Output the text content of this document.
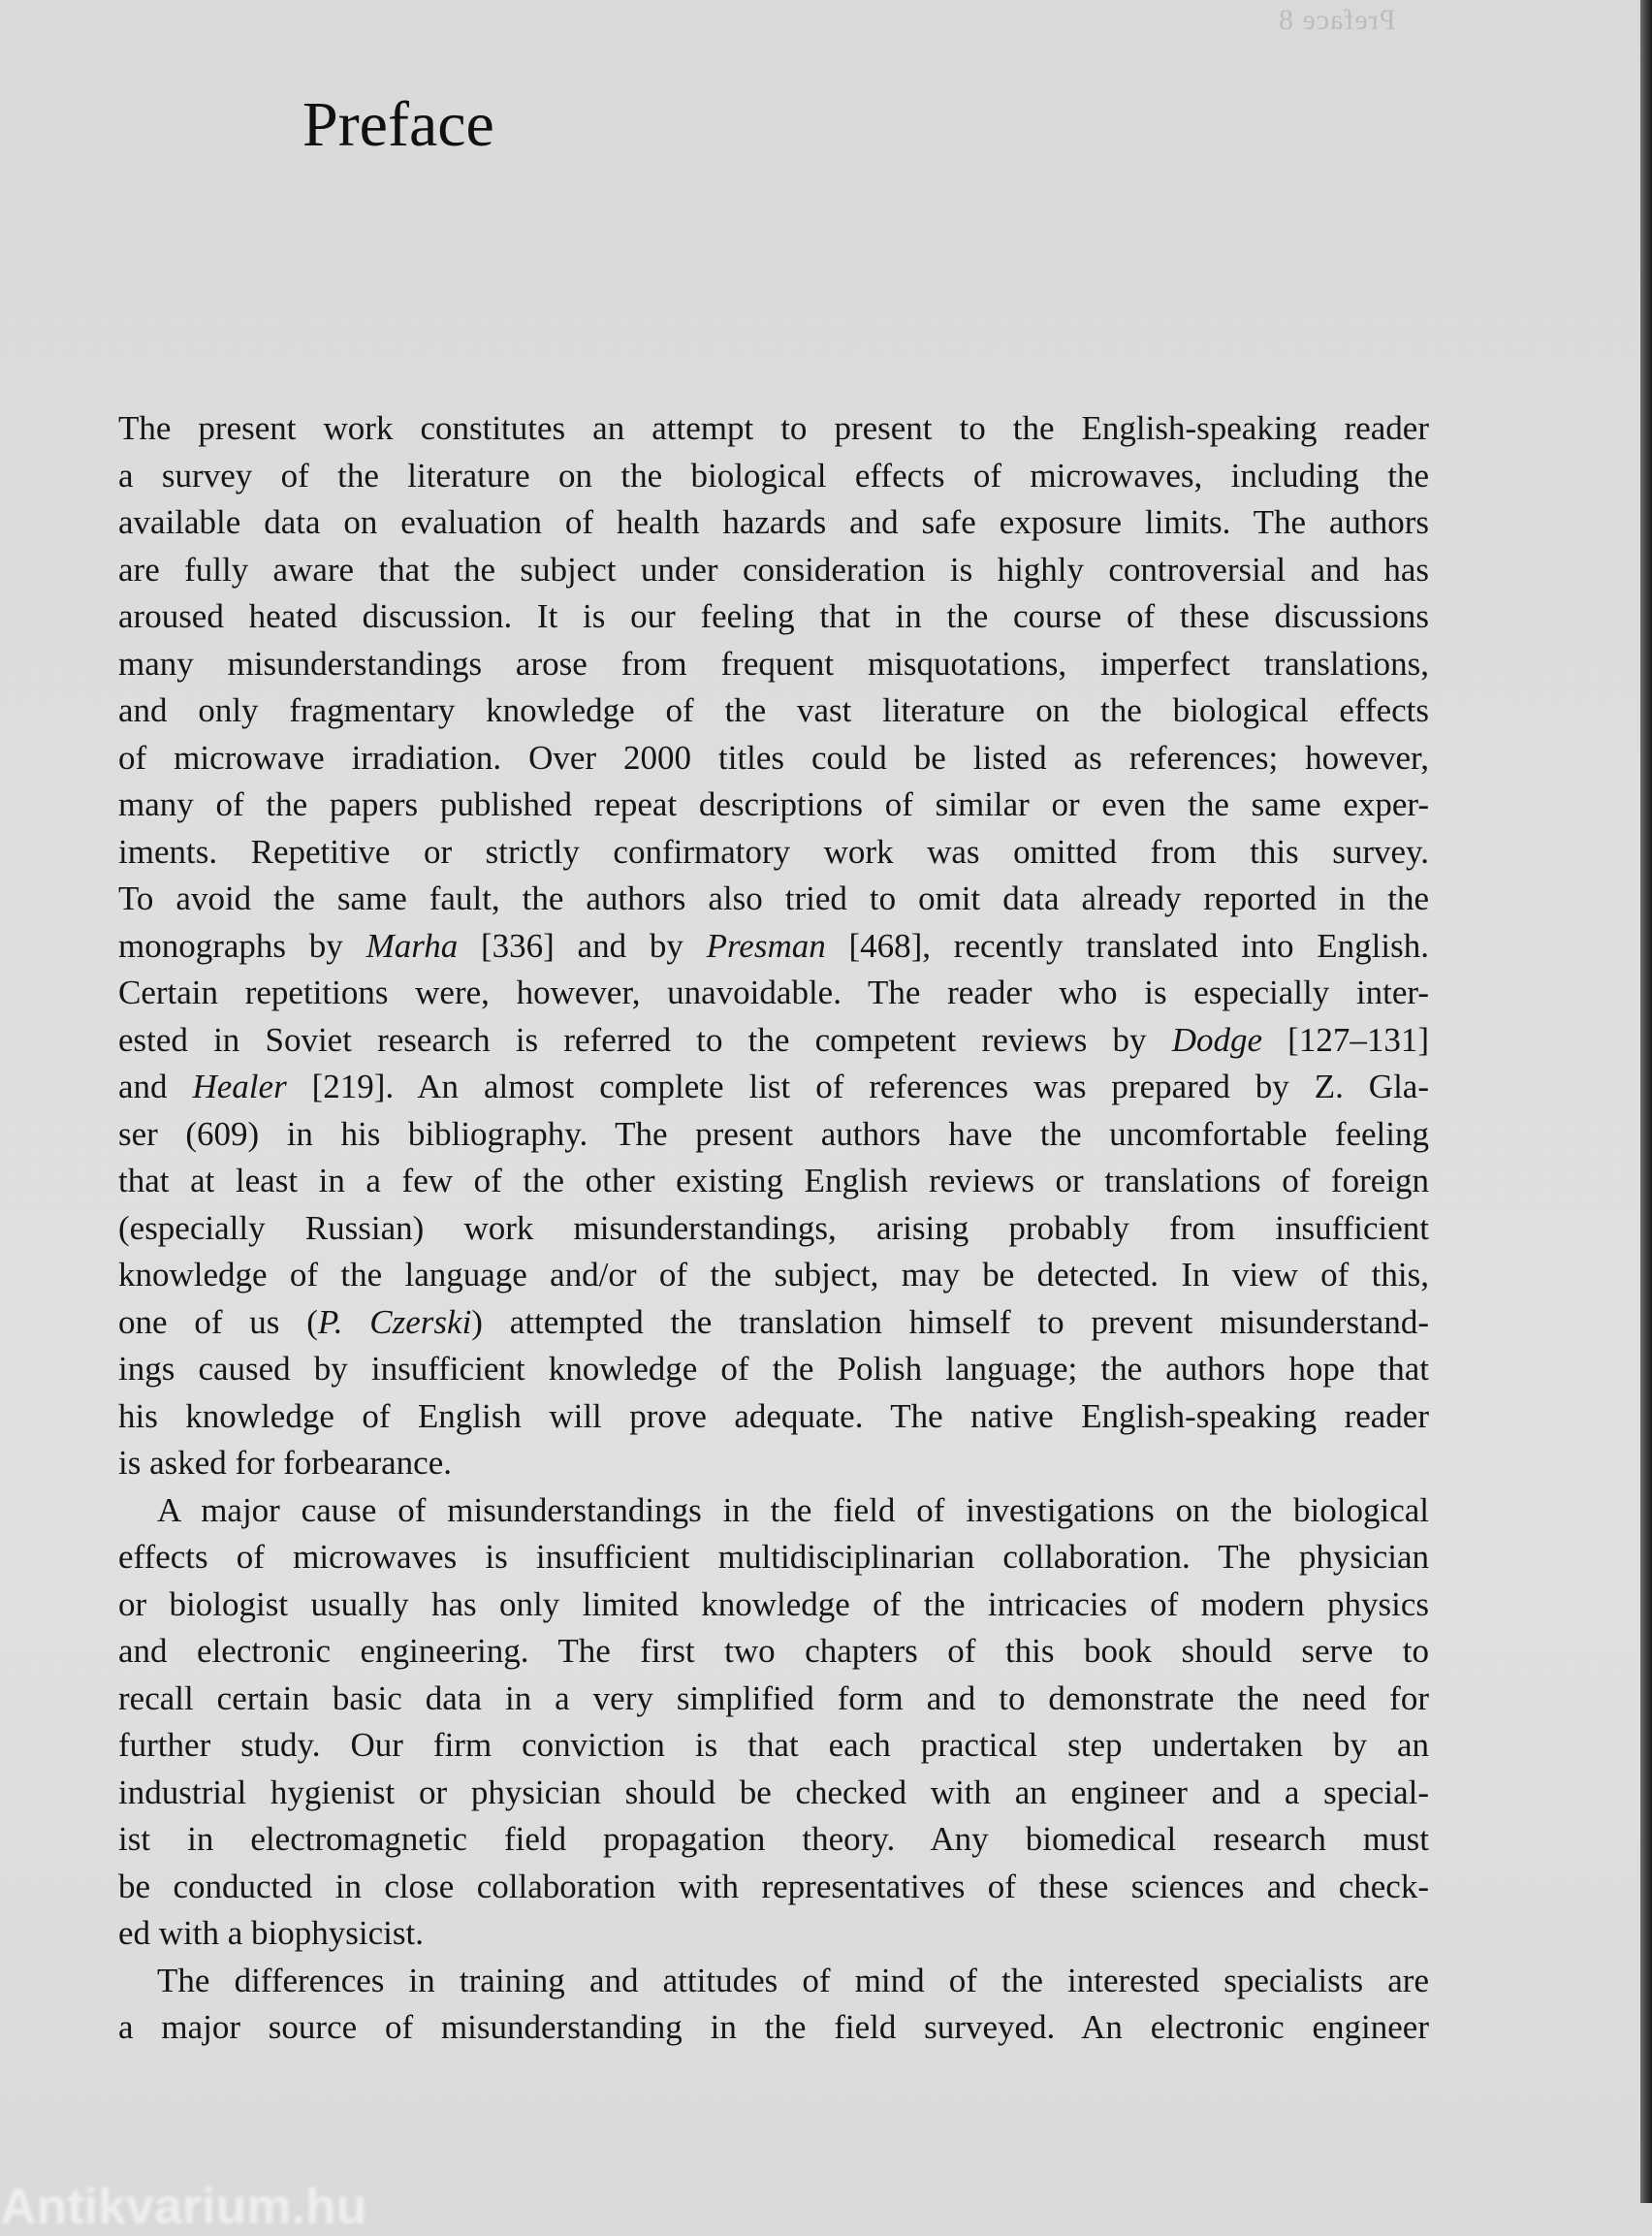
Preface 8
Preface
The present work constitutes an attempt to present to the English-speaking reader
a survey of the literature on the biological effects of microwaves, including the
available data on evaluation of health hazards and safe exposure limits. The authors
are fully aware that the subject under consideration is highly controversial and has
aroused heated discussion. It is our feeling that in the course of these discussions
many misunderstandings arose from frequent misquotations, imperfect translations,
and only fragmentary knowledge of the vast literature on the biological effects
of microwave irradiation. Over 2000 titles could be listed as references; however,
many of the papers published repeat descriptions of similar or even the same exper-
iments. Repetitive or strictly confirmatory work was omitted from this survey.
To avoid the same fault, the authors also tried to omit data already reported in the
monographs by Marha [336] and by Presman [468], recently translated into English.
Certain repetitions were, however, unavoidable. The reader who is especially inter-
ested in Soviet research is referred to the competent reviews by Dodge [127–131]
and Healer [219]. An almost complete list of references was prepared by Z. Gla-
ser (609) in his bibliography. The present authors have the uncomfortable feeling
that at least in a few of the other existing English reviews or translations of foreign
(especially Russian) work misunderstandings, arising probably from insufficient
knowledge of the language and/or of the subject, may be detected. In view of this,
one of us (P. Czerski) attempted the translation himself to prevent misunderstand-
ings caused by insufficient knowledge of the Polish language; the authors hope that
his knowledge of English will prove adequate. The native English-speaking reader
is asked for forbearance.
A major cause of misunderstandings in the field of investigations on the biological
effects of microwaves is insufficient multidisciplinarian collaboration. The physician
or biologist usually has only limited knowledge of the intricacies of modern physics
and electronic engineering. The first two chapters of this book should serve to
recall certain basic data in a very simplified form and to demonstrate the need for
further study. Our firm conviction is that each practical step undertaken by an
industrial hygienist or physician should be checked with an engineer and a special-
ist in electromagnetic field propagation theory. Any biomedical research must
be conducted in close collaboration with representatives of these sciences and check-
ed with a biophysicist.
The differences in training and attitudes of mind of the interested specialists are
a major source of misunderstanding in the field surveyed. An electronic engineer
Antikvarium.hu
